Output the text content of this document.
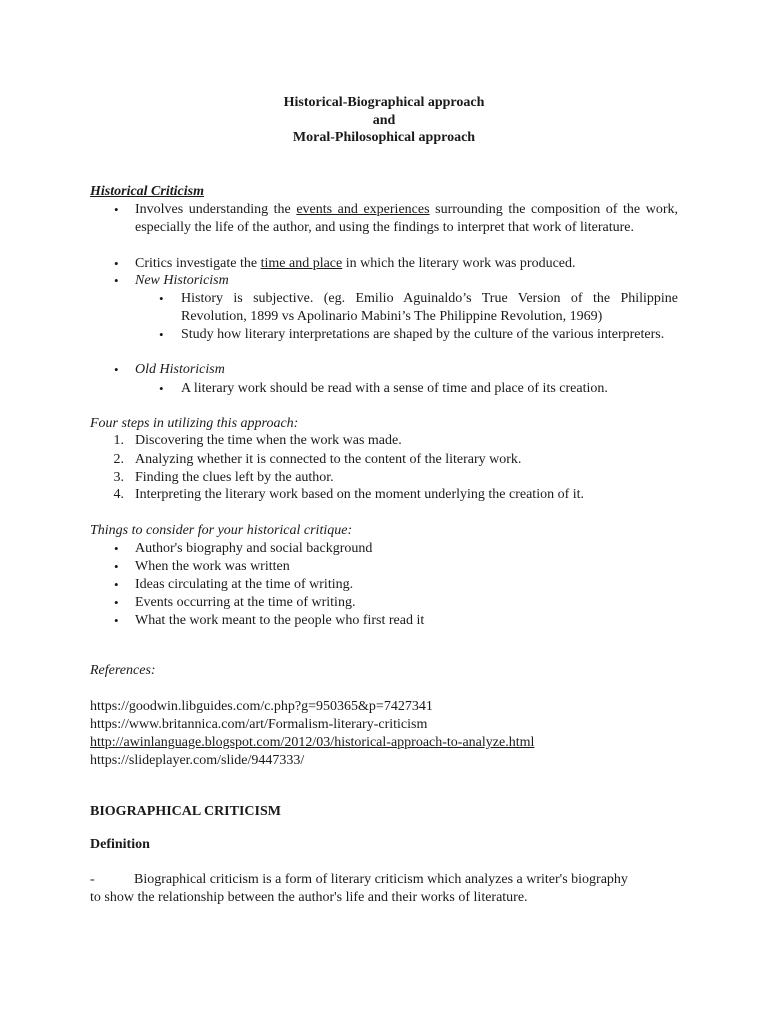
Historical-Biographical approach
and
Moral-Philosophical approach
Historical Criticism
• Involves understanding the events and experiences surrounding the composition of the work, especially the life of the author, and using the findings to interpret that work of literature.
• Critics investigate the time and place in which the literary work was produced.
• New Historicism
• History is subjective. (eg. Emilio Aguinaldo’s True Version of the Philippine Revolution, 1899 vs Apolinario Mabini’s The Philippine Revolution, 1969)
• Study how literary interpretations are shaped by the culture of the various interpreters.
• Old Historicism
• A literary work should be read with a sense of time and place of its creation.
Four steps in utilizing this approach:
1. Discovering the time when the work was made.
2. Analyzing whether it is connected to the content of the literary work.
3. Finding the clues left by the author.
4. Interpreting the literary work based on the moment underlying the creation of it.
Things to consider for your historical critique:
• Author's biography and social background
• When the work was written
• Ideas circulating at the time of writing.
• Events occurring at the time of writing.
• What the work meant to the people who first read it
References:
https://goodwin.libguides.com/c.php?g=950365&p=7427341
https://www.britannica.com/art/Formalism-literary-criticism
http://awinlanguage.blogspot.com/2012/03/historical-approach-to-analyze.html
https://slideplayer.com/slide/9447333/
BIOGRAPHICAL CRITICISM
Definition
-	Biographical criticism is a form of literary criticism which analyzes a writer's biography
to show the relationship between the author's life and their works of literature.
